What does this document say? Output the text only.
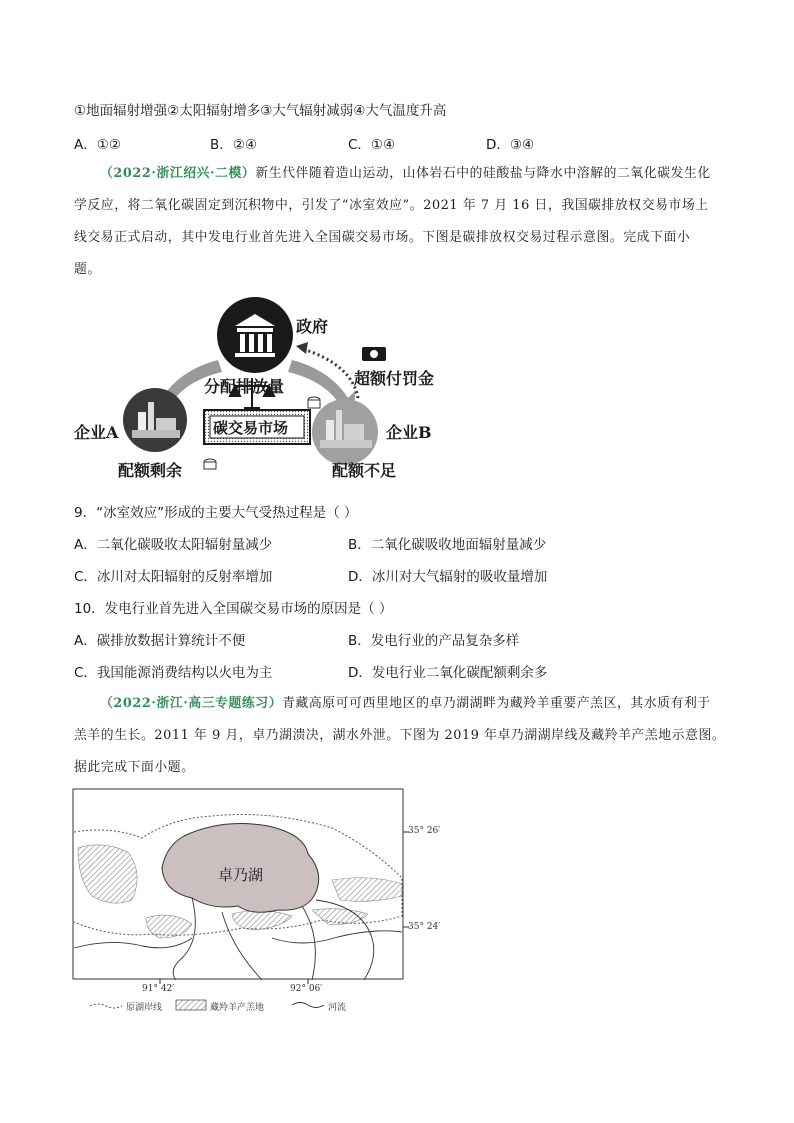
①地面辐射增强②太阳辐射增多③大气辐射减弱④大气温度升高
A．①②	B．②④	C．①④	D．③④
（2022·浙江绍兴·二模）新生代伴随着造山运动，山体岩石中的硅酸盐与降水中溶解的二氧化碳发生化
学反应，将二氧化碳固定到沉积物中，引发了“冰室效应”。2021 年 7 月 16 日，我国碳排放权交易市场上
线交易正式启动，其中发电行业首先进入全国碳交易市场。下图是碳排放权交易过程示意图。完成下面小
题。
政府
分配排放量	超额付罚金
企业A	企业B
配额剩余	配额不足
碳交易市场
9．“冰室效应”形成的主要大气受热过程是（ ）
A．二氧化碳吸收太阳辐射量减少	B．二氧化碳吸收地面辐射量减少
C．冰川对太阳辐射的反射率增加	D．冰川对大气辐射的吸收量增加
10．发电行业首先进入全国碳交易市场的原因是（ ）
A．碳排放数据计算统计不便	B．发电行业的产品复杂多样
C．我国能源消费结构以火电为主	D．发电行业二氧化碳配额剩余多
（2022·浙江·高三专题练习）青藏高原可可西里地区的卓乃湖湖畔为藏羚羊重要产羔区，其水质有利于
羔羊的生长。2011 年 9 月，卓乃湖溃决，湖水外泄。下图为 2019 年卓乃湖湖岸线及藏羚羊产羔地示意图。
据此完成下面小题。
卓乃湖
35° 26′
35° 24′
91° 42′	92° 06′
原湖岸线	藏羚羊产羔地	河流
